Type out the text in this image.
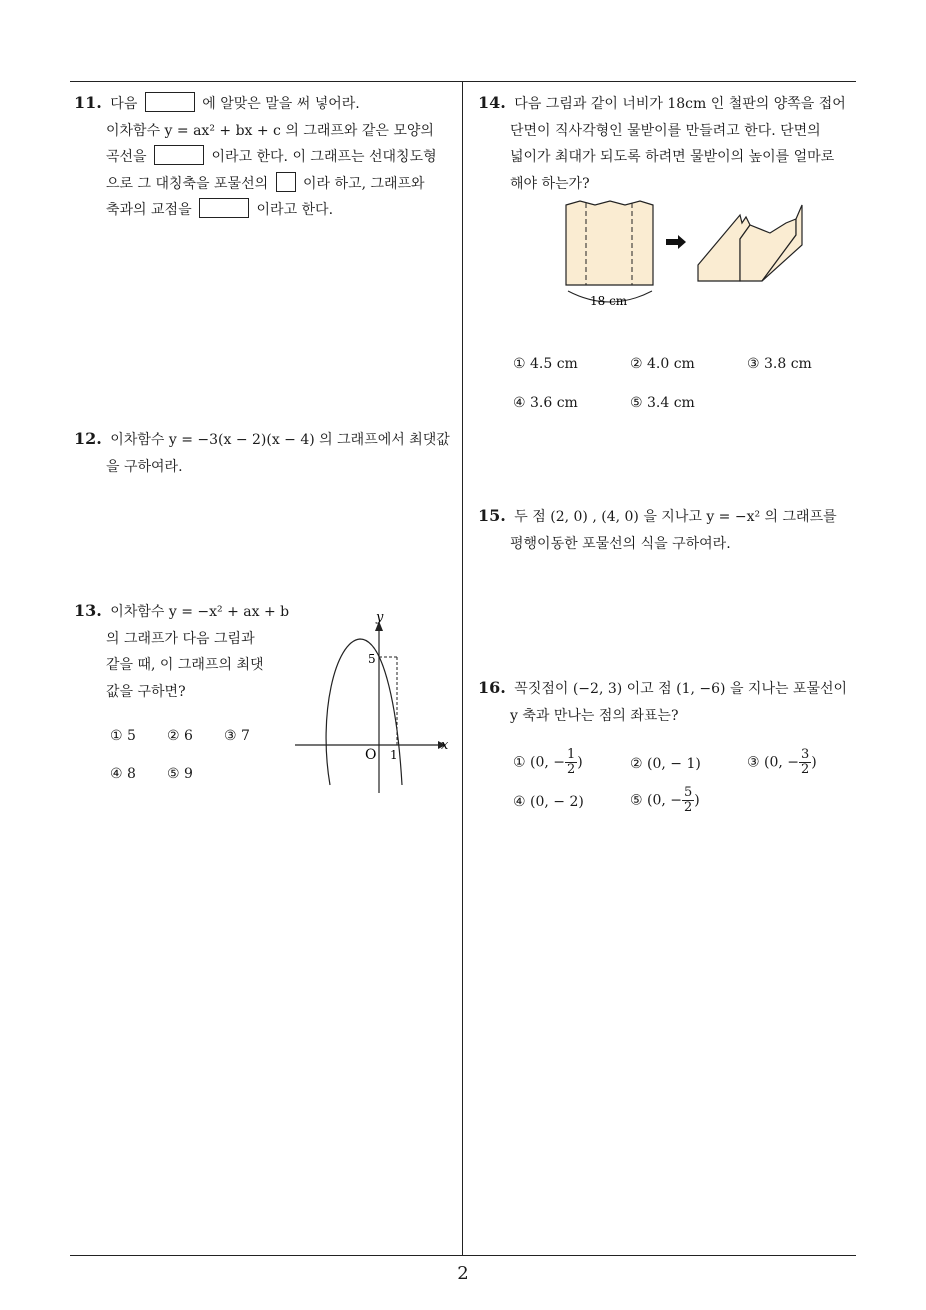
2
11. 다음	에 알맞은 말을 써 넣어라.
이차함수 y = ax² + bx + c 의 그래프와 같은 모양의
곡선을	이라고 한다. 이 그래프는 선대칭도형
으로 그 대칭축을 포물선의 이라 하고, 그래프와
축과의 교점을	이라고 한다.
12. 이차함수 y = −3(x − 2)(x − 4) 의 그래프에서 최댓값
을 구하여라.
13. 이차함수 y = −x² + ax + b
의 그래프가 다음 그림과
같을 때, 이 그래프의 최댓
값을 구하면?
① 5 ② 6 ③ 7
④ 8 ⑤ 9
y
x
O 1
5
14. 다음 그림과 같이 너비가 18cm 인 철판의 양쪽을 접어
단면이 직사각형인 물받이를 만들려고 한다. 단면의
넓이가 최대가 되도록 하려면 물받이의 높이를 얼마로
해야 하는가?
18 cm
① 4.5 cm	② 4.0 cm	③ 3.8 cm
④ 3.6 cm	⑤ 3.4 cm
15. 두 점 (2, 0) , (4, 0) 을 지나고 y = −x² 의 그래프를
평행이동한 포물선의 식을 구하여라.
16. 꼭짓점이 (−2, 3) 이고 점 (1, −6) 을 지나는 포물선이
y 축과 만나는 점의 좌표는?
① (0, − $\frac{1}{2}$ )	② (0, − 1)	③ (0, − $\frac{3}{2}$ )
④ (0, − 2)	⑤ (0, − $\frac{5}{2}$ )
